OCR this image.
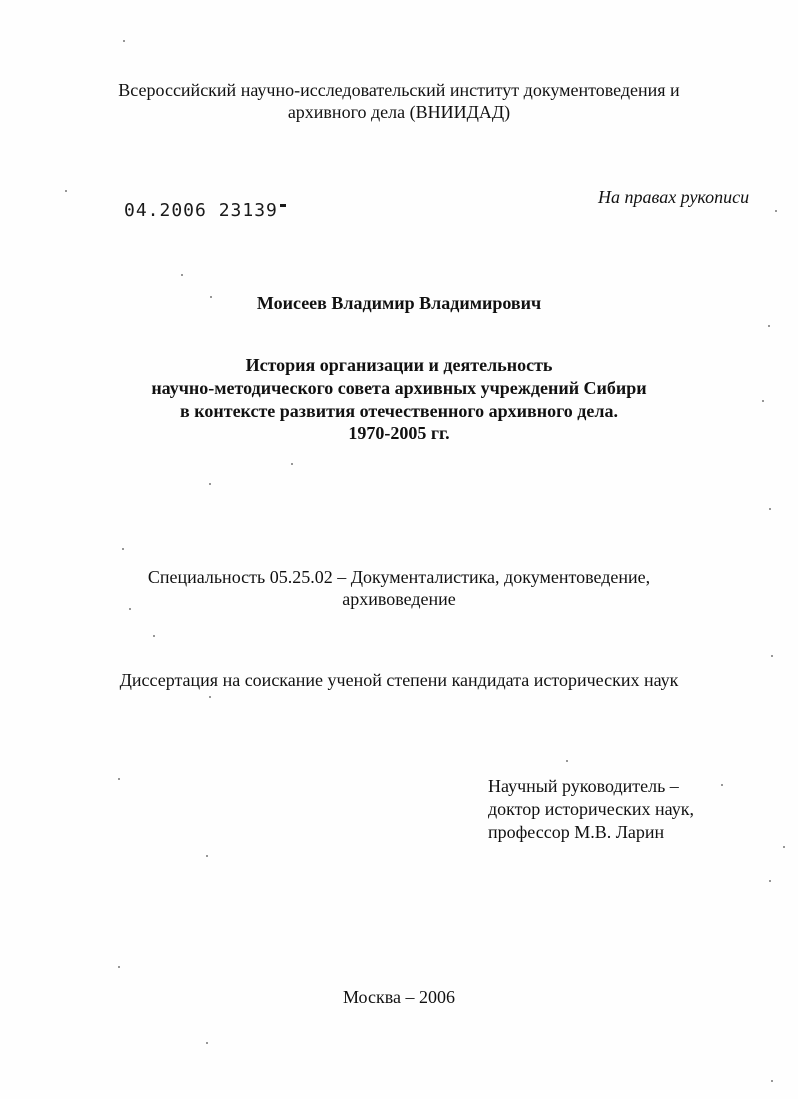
Всероссийский научно-исследовательский институт документоведения и
архивного дела (ВНИИДАД)
04.2006 23139
На правах рукописи
Моисеев Владимир Владимирович
История организации и деятельность
научно-методического совета архивных учреждений Сибири
в контексте развития отечественного архивного дела.
1970-2005 гг.
Специальность 05.25.02 – Документалистика, документоведение,
архивоведение
Диссертация на соискание ученой степени кандидата исторических наук
Научный руководитель –
доктор исторических наук,
профессор М.В. Ларин
Москва – 2006
